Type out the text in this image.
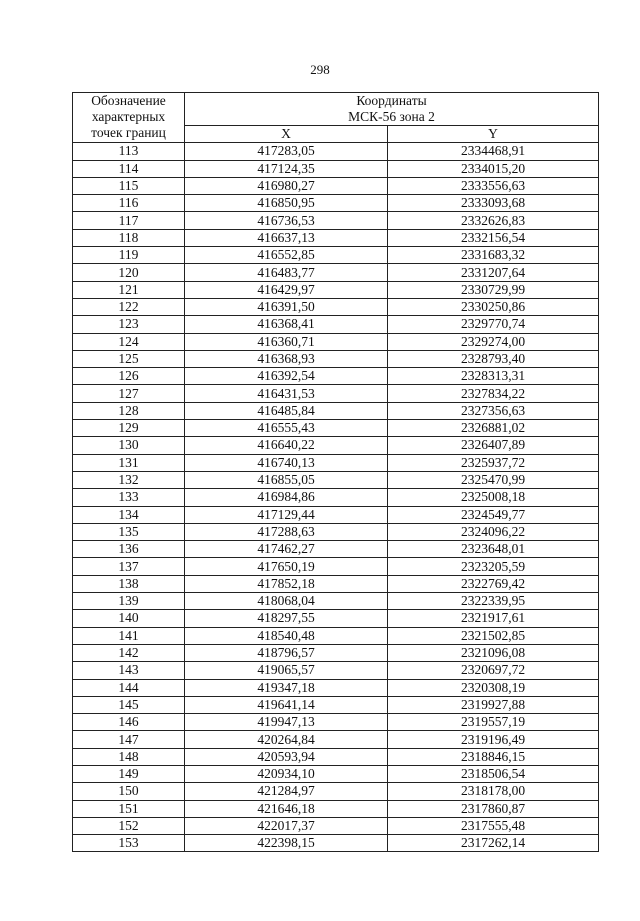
298
Обозначение
характерных
точек границ	Координаты
МСК-56 зона 2	

	X	Y
113	417283,05	2334468,91
114	417124,35	2334015,20
115	416980,27	2333556,63
116	416850,95	2333093,68
117	416736,53	2332626,83
118	416637,13	2332156,54
119	416552,85	2331683,32
120	416483,77	2331207,64
121	416429,97	2330729,99
122	416391,50	2330250,86
123	416368,41	2329770,74
124	416360,71	2329274,00
125	416368,93	2328793,40
126	416392,54	2328313,31
127	416431,53	2327834,22
128	416485,84	2327356,63
129	416555,43	2326881,02
130	416640,22	2326407,89
131	416740,13	2325937,72
132	416855,05	2325470,99
133	416984,86	2325008,18
134	417129,44	2324549,77
135	417288,63	2324096,22
136	417462,27	2323648,01
137	417650,19	2323205,59
138	417852,18	2322769,42
139	418068,04	2322339,95
140	418297,55	2321917,61
141	418540,48	2321502,85
142	418796,57	2321096,08
143	419065,57	2320697,72
144	419347,18	2320308,19
145	419641,14	2319927,88
146	419947,13	2319557,19
147	420264,84	2319196,49
148	420593,94	2318846,15
149	420934,10	2318506,54
150	421284,97	2318178,00
151	421646,18	2317860,87
152	422017,37	2317555,48
153	422398,15	2317262,14
